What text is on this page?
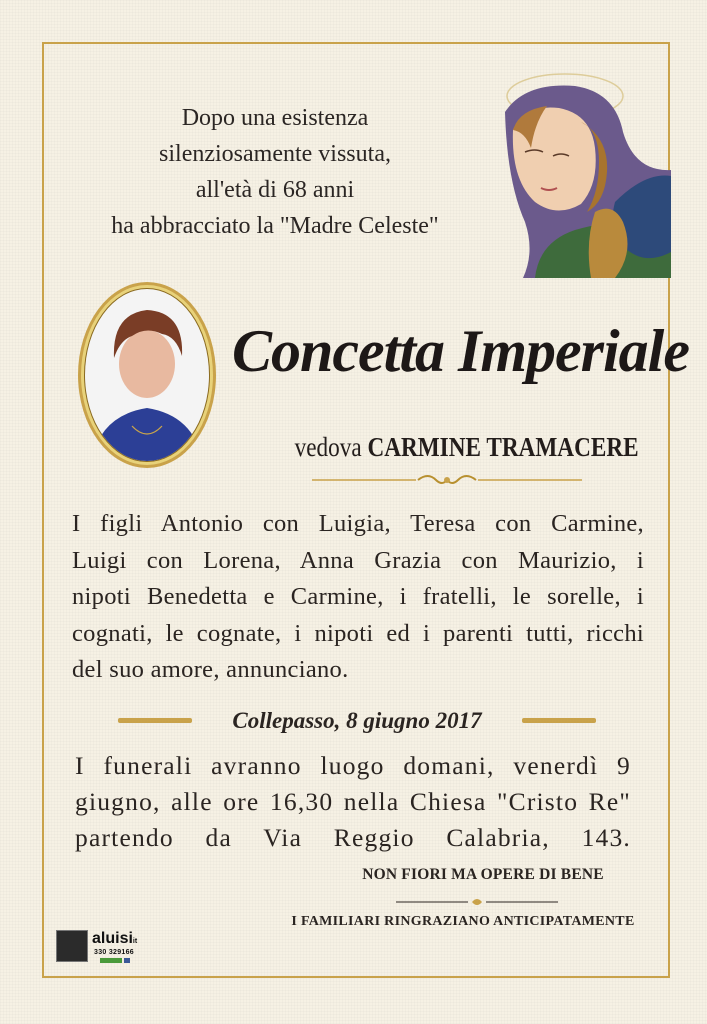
Dopo una esistenza
silenziosamente vissuta,
all'età di 68 anni
ha abbracciato la "Madre Celeste"
Concetta Imperiale
vedova CARMINE TRAMACERE
I figli Antonio con Luigia, Teresa con Carmine,
Luigi con Lorena, Anna Grazia con Maurizio, i
nipoti Benedetta e Carmine, i fratelli, le sorelle, i
cognati, le cognate, i nipoti ed i parenti tutti, ricchi
del suo amore, annunciano.
Collepasso, 8 giugno 2017
I funerali avranno luogo domani, venerdì 9
giugno, alle ore 16,30 nella Chiesa "Cristo Re"
partendo da Via Reggio Calabria, 143.
NON FIORI MA OPERE DI BENE
I FAMILIARI RINGRAZIANO ANTICIPATAMENTE
aluisiit
330 329166
